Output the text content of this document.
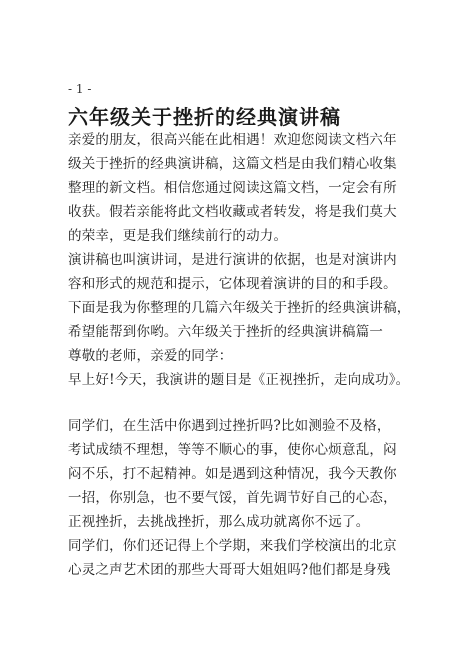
- 1 -
六年级关于挫折的经典演讲稿
亲爱的朋友，很高兴能在此相遇！欢迎您阅读文档六年
级关于挫折的经典演讲稿，这篇文档是由我们精心收集
整理的新文档。相信您通过阅读这篇文档，一定会有所
收获。假若亲能将此文档收藏或者转发，将是我们莫大
的荣幸，更是我们继续前行的动力。
演讲稿也叫演讲词，是进行演讲的依据，也是对演讲内
容和形式的规范和提示，它体现着演讲的目的和手段。
下面是我为你整理的几篇六年级关于挫折的经典演讲稿，
希望能帮到你哟。六年级关于挫折的经典演讲稿篇一
尊敬的老师，亲爱的同学：
早上好!今天，我演讲的题目是《正视挫折，走向成功》。
同学们，在生活中你遇到过挫折吗?比如测验不及格，
考试成绩不理想，等等不顺心的事，使你心烦意乱，闷
闷不乐，打不起精神。如是遇到这种情况，我今天教你
一招，你别急，也不要气馁，首先调节好自己的心态，
正视挫折，去挑战挫折，那么成功就离你不远了。
同学们，你们还记得上个学期，来我们学校演出的北京
心灵之声艺术团的那些大哥哥大姐姐吗?他们都是身残
